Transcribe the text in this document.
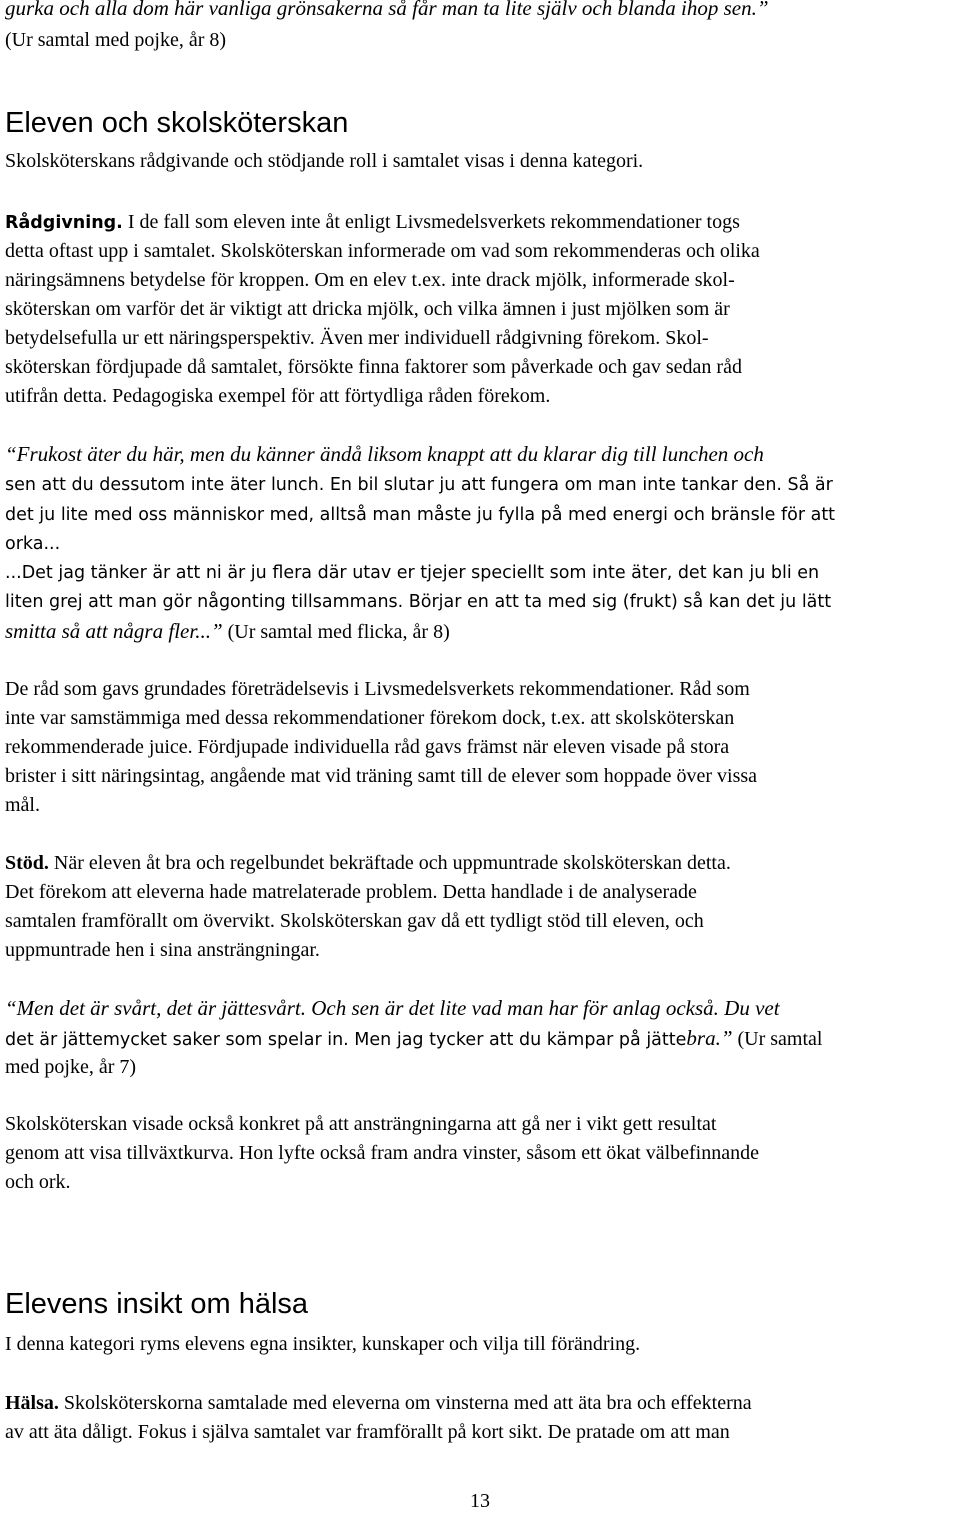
gurka och alla dom här vanliga grönsakerna så får man ta lite själv och blanda ihop sen.”
(Ur samtal med pojke, år 8)
Eleven och skolsköterskan
Skolsköterskans rådgivande och stödjande roll i samtalet visas i denna kategori.
Rådgivning. I de fall som eleven inte åt enligt Livsmedelsverkets rekommendationer togs
detta oftast upp i samtalet. Skolsköterskan informerade om vad som rekommenderas och olika
näringsämnens betydelse för kroppen. Om en elev t.ex. inte drack mjölk, informerade skol-
sköterskan om varför det är viktigt att dricka mjölk, och vilka ämnen i just mjölken som är
betydelsefulla ur ett näringsperspektiv. Även mer individuell rådgivning förekom. Skol-
sköterskan fördjupade då samtalet, försökte finna faktorer som påverkade och gav sedan råd
utifrån detta. Pedagogiska exempel för att förtydliga råden förekom.
“Frukost äter du här, men du känner ändå liksom knappt att du klarar dig till lunchen och
sen att du dessutom inte äter lunch. En bil slutar ju att fungera om man inte tankar den. Så är
det ju lite med oss människor med, alltså man måste ju fylla på med energi och bränsle för att
orka...
...Det jag tänker är att ni är ju flera där utav er tjejer speciellt som inte äter, det kan ju bli en
liten grej att man gör någonting tillsammans. Börjar en att ta med sig (frukt) så kan det ju lätt
smitta så att några fler...” (Ur samtal med flicka, år 8)
De råd som gavs grundades företrädelsevis i Livsmedelsverkets rekommendationer. Råd som
inte var samstämmiga med dessa rekommendationer förekom dock, t.ex. att skolsköterskan
rekommenderade juice. Fördjupade individuella råd gavs främst när eleven visade på stora
brister i sitt näringsintag, angående mat vid träning samt till de elever som hoppade över vissa
mål.
Stöd. När eleven åt bra och regelbundet bekräftade och uppmuntrade skolsköterskan detta.
Det förekom att eleverna hade matrelaterade problem. Detta handlade i de analyserade
samtalen framförallt om övervikt. Skolsköterskan gav då ett tydligt stöd till eleven, och
uppmuntrade hen i sina ansträngningar.
“Men det är svårt, det är jättesvårt. Och sen är det lite vad man har för anlag också. Du vet
det är jättemycket saker som spelar in. Men jag tycker att du kämpar på jättebra.” (Ur samtal
med pojke, år 7)
Skolsköterskan visade också konkret på att ansträngningarna att gå ner i vikt gett resultat
genom att visa tillväxtkurva. Hon lyfte också fram andra vinster, såsom ett ökat välbefinnande
och ork.
Elevens insikt om hälsa
I denna kategori ryms elevens egna insikter, kunskaper och vilja till förändring.
Hälsa. Skolsköterskorna samtalade med eleverna om vinsterna med att äta bra och effekterna
av att äta dåligt. Fokus i själva samtalet var framförallt på kort sikt. De pratade om att man
13
